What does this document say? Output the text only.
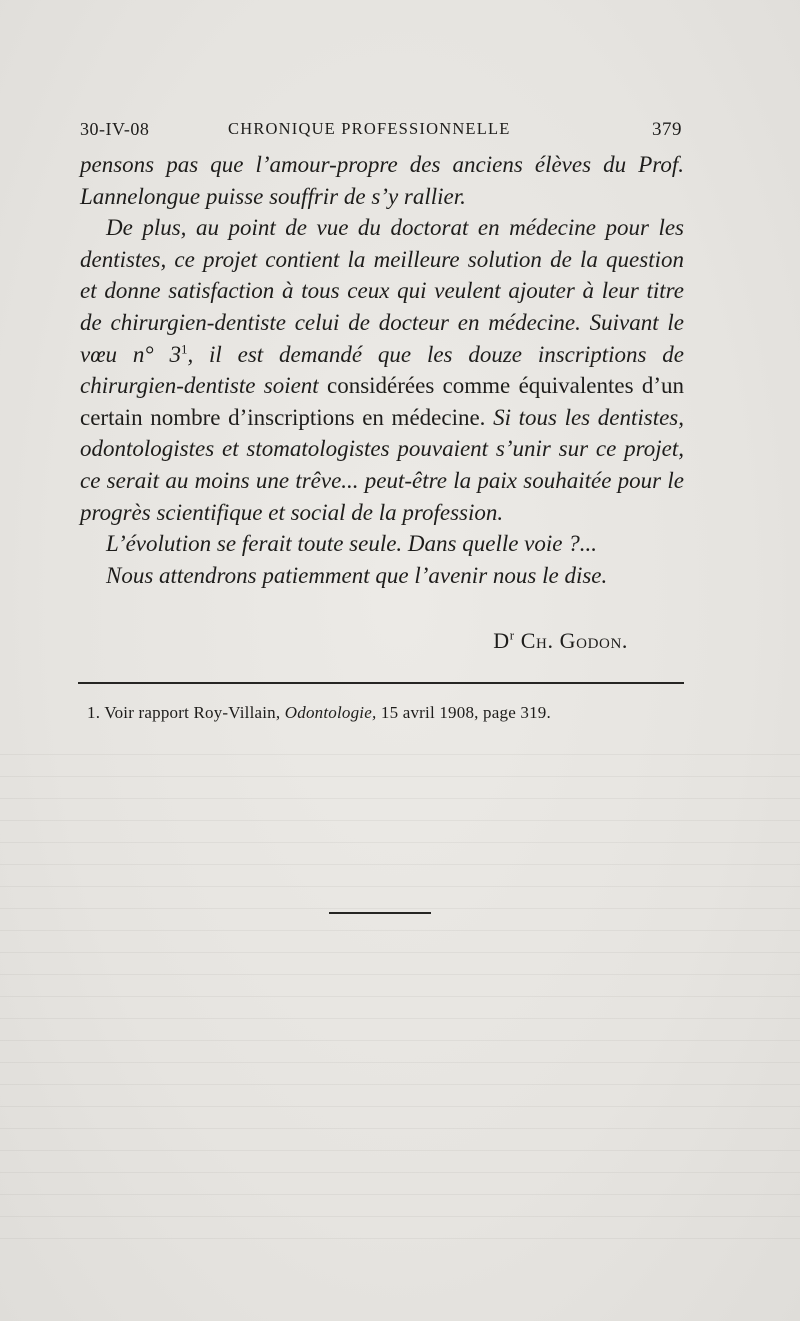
30-IV-08	CHRONIQUE PROFESSIONNELLE	379

pensons pas que l’amour-propre des anciens élèves du Prof. Lannelongue puisse souffrir de s’y rallier.

De plus, au point de vue du doctorat en médecine pour les dentistes, ce projet contient la meilleure solution de la question et donne satisfaction à tous ceux qui veulent ajouter à leur titre de chirurgien-dentiste celui de docteur en médecine. Suivant le vœu n° $3^1$, il est demandé que les douze inscriptions de chirurgien-dentiste soient considérées comme équivalentes d’un certain nombre d’inscriptions en médecine. Si tous les dentistes, odontologistes et stomatologistes pouvaient s’unir sur ce projet, ce serait au moins une trêve... peut-être la paix souhaitée pour le progrès scientifique et social de la profession.

L’évolution se ferait toute seule. Dans quelle voie ?...

Nous attendrons patiemment que l’avenir nous le dise.

$D^r$ Ch. Godon.
1. Voir rapport Roy-Villain, Odontologie, 15 avril 1908, page 319.
